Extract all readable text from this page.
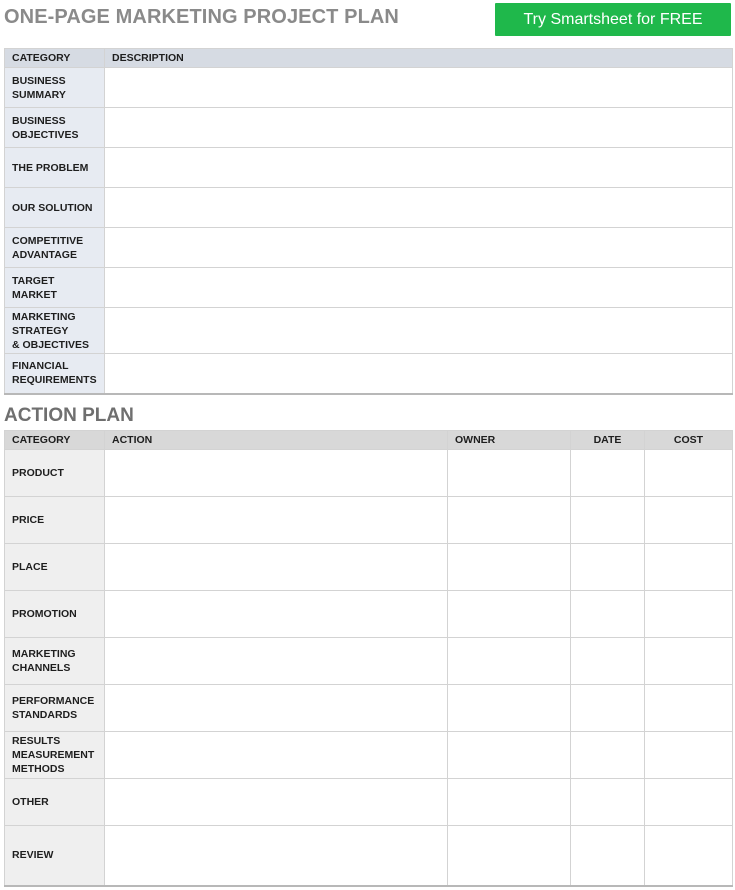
ONE-PAGE MARKETING PROJECT PLAN	Try Smartsheet for FREE
CATEGORY	DESCRIPTION

BUSINESS
SUMMARY	

BUSINESS
OBJECTIVES	

THE PROBLEM	

OUR SOLUTION	

COMPETITIVE
ADVANTAGE	

TARGET
MARKET	

MARKETING
STRATEGY
& OBJECTIVES	

FINANCIAL
REQUIREMENTS	

ACTION PLAN
CATEGORY	ACTION	OWNER	DATE	COST

PRODUCT				

PRICE				

PLACE				

PROMOTION				

MARKETING
CHANNELS				

PERFORMANCE
STANDARDS				

RESULTS
MEASUREMENT
METHODS				

OTHER				

REVIEW				
